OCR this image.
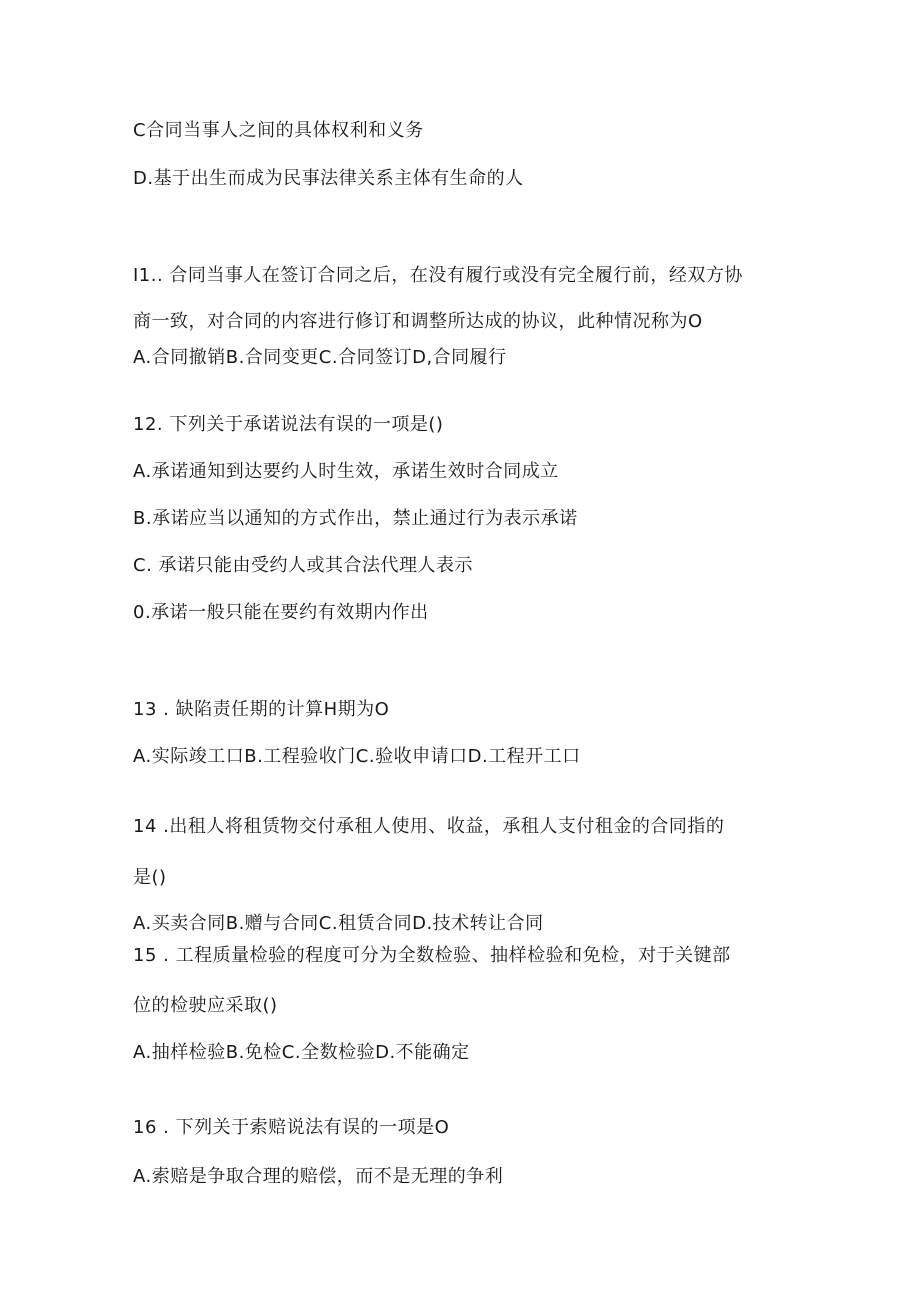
C合同当事人之间的具体权利和义务
D.基于出生而成为民事法律关系主体有生命的人
I1.. 合同当事人在签订合同之后，在没有履行或没有完全履行前，经双方协
商一致，对合同的内容进行修订和调整所达成的协议，此种情况称为O
A.合同撤销B.合同变更C.合同签订D,合同履行
12. 下列关于承诺说法有误的一项是()
A.承诺通知到达要约人时生效，承诺生效时合同成立
B.承诺应当以通知的方式作出，禁止通过行为表示承诺
C. 承诺只能由受约人或其合法代理人表示
0.承诺一般只能在要约有效期内作出
13 . 缺陷责任期的计算H期为O
A.实际竣工口B.工程验收门C.验收申请口D.工程开工口
14 .出租人将租赁物交付承租人使用、收益，承租人支付租金的合同指的
是()
A.买卖合同B.赠与合同C.租赁合同D.技术转让合同
15 . 工程质量检验的程度可分为全数检验、抽样检验和免检，对于关键部
位的检驶应采取()
A.抽样检验B.免检C.全数检验D.不能确定
16 . 下列关于索赔说法有误的一项是O
A.索赔是争取合理的赔偿，而不是无理的争利
